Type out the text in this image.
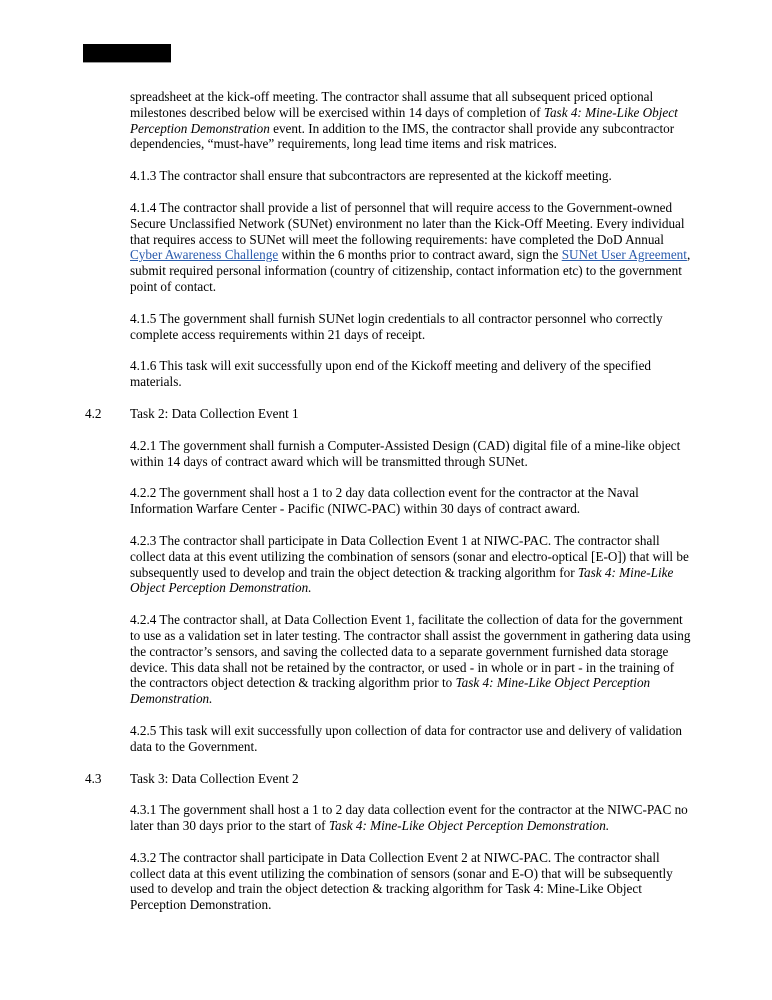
spreadsheet at the kick-off meeting. The contractor shall assume that all subsequent priced optional milestones described below will be exercised within 14 days of completion of Task 4: Mine-Like Object Perception Demonstration event. In addition to the IMS, the contractor shall provide any subcontractor dependencies, “must-have” requirements, long lead time items and risk matrices.

4.1.3 The contractor shall ensure that subcontractors are represented at the kickoff meeting.

4.1.4 The contractor shall provide a list of personnel that will require access to the Government-owned Secure Unclassified Network (SUNet) environment no later than the Kick-Off Meeting. Every individual that requires access to SUNet will meet the following requirements: have completed the DoD Annual Cyber Awareness Challenge within the 6 months prior to contract award, sign the SUNet User Agreement, submit required personal information (country of citizenship, contact information etc) to the government point of contact.

4.1.5 The government shall furnish SUNet login credentials to all contractor personnel who correctly complete access requirements within 21 days of receipt.

4.1.6 This task will exit successfully upon end of the Kickoff meeting and delivery of the specified materials.

4.2	Task 2: Data Collection Event 1

4.2.1 The government shall furnish a Computer-Assisted Design (CAD) digital file of a mine-like object within 14 days of contract award which will be transmitted through SUNet.

4.2.2 The government shall host a 1 to 2 day data collection event for the contractor at the Naval Information Warfare Center - Pacific (NIWC-PAC) within 30 days of contract award.

4.2.3 The contractor shall participate in Data Collection Event 1 at NIWC-PAC. The contractor shall collect data at this event utilizing the combination of sensors (sonar and electro-optical [E-O]) that will be subsequently used to develop and train the object detection & tracking algorithm for Task 4: Mine-Like Object Perception Demonstration.

4.2.4 The contractor shall, at Data Collection Event 1, facilitate the collection of data for the government to use as a validation set in later testing. The contractor shall assist the government in gathering data using the contractor’s sensors, and saving the collected data to a separate government furnished data storage device. This data shall not be retained by the contractor, or used - in whole or in part - in the training of the contractors object detection & tracking algorithm prior to Task 4: Mine-Like Object Perception Demonstration.

4.2.5 This task will exit successfully upon collection of data for contractor use and delivery of validation data to the Government.

4.3	Task 3: Data Collection Event 2

4.3.1 The government shall host a 1 to 2 day data collection event for the contractor at the NIWC-PAC no later than 30 days prior to the start of Task 4: Mine-Like Object Perception Demonstration.

4.3.2 The contractor shall participate in Data Collection Event 2 at NIWC-PAC. The contractor shall collect data at this event utilizing the combination of sensors (sonar and E-O) that will be subsequently used to develop and train the object detection & tracking algorithm for Task 4: Mine-Like Object Perception Demonstration.
